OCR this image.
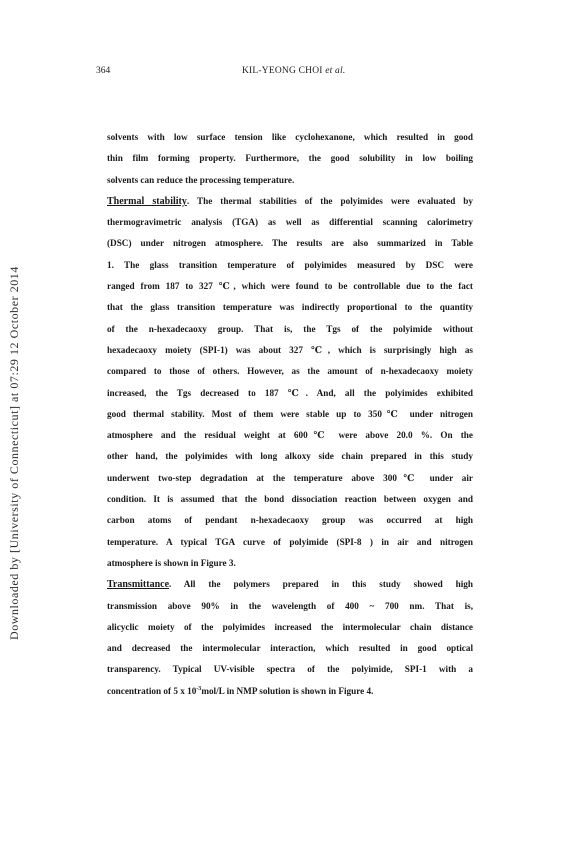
Downloaded by [University of Connecticut] at 07:29 12 October 2014
364	KIL-YEONG CHOI et al.
solvents with low surface tension like cyclohexanone, which resulted in good
thin film forming property. Furthermore, the good solubility in low boiling
solvents can reduce the processing temperature.
Thermal stability. The thermal stabilities of the polyimides were evaluated by
thermogravimetric analysis (TGA) as well as differential scanning calorimetry
(DSC) under nitrogen atmosphere. The results are also summarized in Table
1. The glass transition temperature of polyimides measured by DSC were
ranged from 187 to 327 ℃, which were found to be controllable due to the fact
that the glass transition temperature was indirectly proportional to the quantity
of the n-hexadecaoxy group. That is, the Tgs of the polyimide without
hexadecaoxy moiety (SPI-1) was about 327 ℃, which is surprisingly high as
compared to those of others. However, as the amount of n-hexadecaoxy moiety
increased, the Tgs decreased to 187 ℃. And, all the polyimides exhibited
good thermal stability. Most of them were stable up to 350℃ under nitrogen
atmosphere and the residual weight at 600℃ were above 20.0 %. On the
other hand, the polyimides with long alkoxy side chain prepared in this study
underwent two-step degradation at the temperature above 300℃ under air
condition. It is assumed that the bond dissociation reaction between oxygen and
carbon atoms of pendant n-hexadecaoxy group was occurred at high
temperature. A typical TGA curve of polyimide (SPI-8 ) in air and nitrogen
atmosphere is shown in Figure 3.
Transmittance. All the polymers prepared in this study showed high
transmission above 90% in the wavelength of 400 ~ 700 nm. That is,
alicyclic moiety of the polyimides increased the intermolecular chain distance
and decreased the intermolecular interaction, which resulted in good optical
transparency. Typical UV-visible spectra of the polyimide, SPI-1 with a
concentration of 5 x $10^{-3}mol/L$ in NMP solution is shown in Figure 4.
